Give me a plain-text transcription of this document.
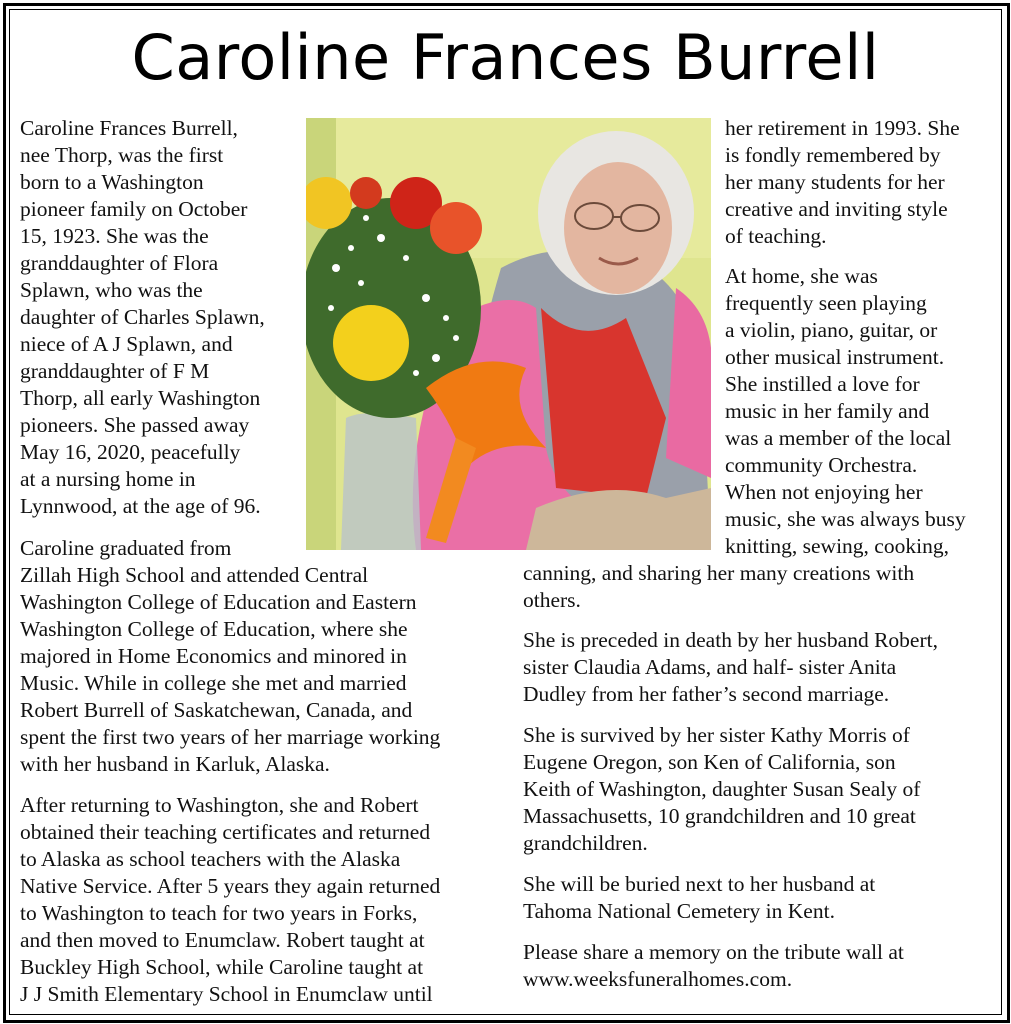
Caroline Frances Burrell
Caroline Frances Burrell,
nee Thorp, was the first
born to a Washington
pioneer family on October
15, 1923. She was the
granddaughter of Flora
Splawn, who was the
daughter of Charles Splawn,
niece of A J Splawn, and
granddaughter of F M
Thorp, all early Washington
pioneers. She passed away
May 16, 2020, peacefully
at a nursing home in
Lynnwood, at the age of 96.
Caroline graduated from
Zillah High School and attended Central
Washington College of Education and Eastern
Washington College of Education, where she
majored in Home Economics and minored in
Music. While in college she met and married
Robert Burrell of Saskatchewan, Canada, and
spent the first two years of her marriage working
with her husband in Karluk, Alaska.
After returning to Washington, she and Robert
obtained their teaching certificates and returned
to Alaska as school teachers with the Alaska
Native Service. After 5 years they again returned
to Washington to teach for two years in Forks,
and then moved to Enumclaw. Robert taught at
Buckley High School, while Caroline taught at
J J Smith Elementary School in Enumclaw until
her retirement in 1993. She
is fondly remembered by
her many students for her
creative and inviting style
of teaching.
At home, she was
frequently seen playing
a violin, piano, guitar, or
other musical instrument.
She instilled a love for
music in her family and
was a member of the local
community Orchestra.
When not enjoying her
music, she was always busy
knitting, sewing, cooking,
canning, and sharing her many creations with
others.
She is preceded in death by her husband Robert,
sister Claudia Adams, and half- sister Anita
Dudley from her father’s second marriage.
She is survived by her sister Kathy Morris of
Eugene Oregon, son Ken of California, son
Keith of Washington, daughter Susan Sealy of
Massachusetts, 10 grandchildren and 10 great
grandchildren.
She will be buried next to her husband at
Tahoma National Cemetery in Kent.
Please share a memory on the tribute wall at
www.weeksfuneralhomes.com.
